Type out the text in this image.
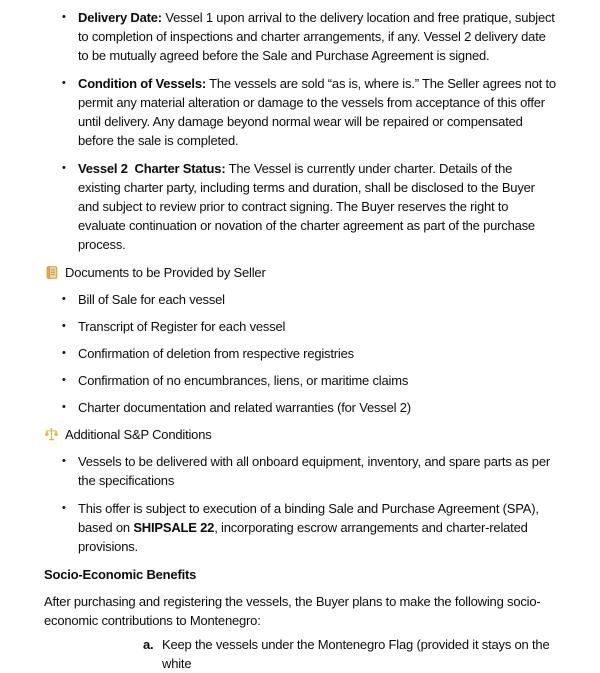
• Delivery Date: Vessel 1 upon arrival to the delivery location and free pratique, subject to completion of inspections and charter arrangements, if any. Vessel 2 delivery date to be mutually agreed before the Sale and Purchase Agreement is signed.
• Condition of Vessels: The vessels are sold “as is, where is.” The Seller agrees not to permit any material alteration or damage to the vessels from acceptance of this offer until delivery. Any damage beyond normal wear will be repaired or compensated before the sale is completed.
• Vessel 2  Charter Status: The Vessel is currently under charter. Details of the existing charter party, including terms and duration, shall be disclosed to the Buyer and subject to review prior to contract signing. The Buyer reserves the right to evaluate continuation or novation of the charter agreement as part of the purchase process.
Documents to be Provided by Seller
• Bill of Sale for each vessel
• Transcript of Register for each vessel
• Confirmation of deletion from respective registries
• Confirmation of no encumbrances, liens, or maritime claims
• Charter documentation and related warranties (for Vessel 2)
Additional S&P Conditions
• Vessels to be delivered with all onboard equipment, inventory, and spare parts as per the specifications
• This offer is subject to execution of a binding Sale and Purchase Agreement (SPA), based on SHIPSALE 22, incorporating escrow arrangements and charter-related provisions.

Socio-Economic Benefits

After purchasing and registering the vessels, the Buyer plans to make the following socio-economic contributions to Montenegro:

a. Keep the vessels under the Montenegro Flag (provided it stays on the white
